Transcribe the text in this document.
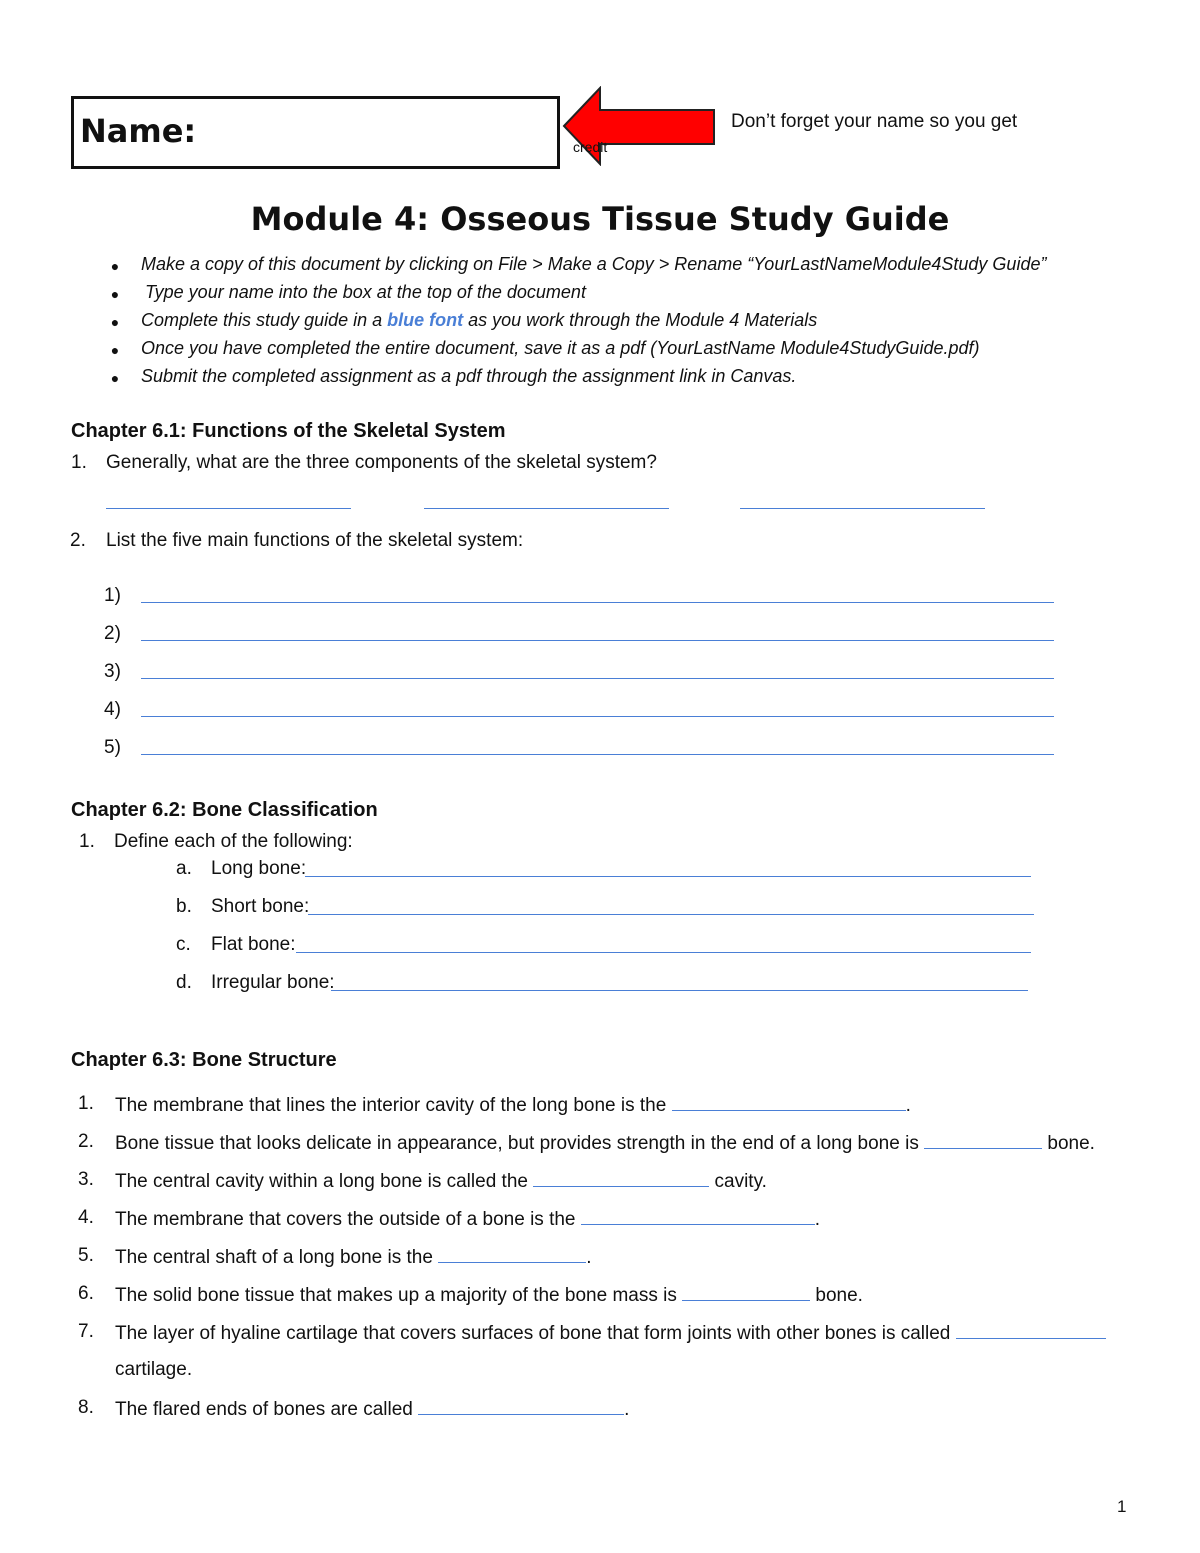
Name:	credit
Don’t forget your name so you get
Module 4: Osseous Tissue Study Guide
●	Make a copy of this document by clicking on File > Make a Copy > Rename “YourLastNameModule4Study Guide”
●	Type your name into the box at the top of the document
●	Complete this study guide in a blue font as you work through the Module 4 Materials
●	Once you have completed the entire document, save it as a pdf (YourLastName Module4StudyGuide.pdf)
●	Submit the completed assignment as a pdf through the assignment link in Canvas.
Chapter 6.1: Functions of the Skeletal System
1. Generally, what are the three components of the skeletal system?
2. List the five main functions of the skeletal system:
1)
2)
3)
4)
5)
Chapter 6.2: Bone Classification
1. Define each of the following:
a. Long bone:
b. Short bone:
c. Flat bone:
d. Irregular bone:
Chapter 6.3: Bone Structure
1. The membrane that lines the interior cavity of the long bone is the	.
2. Bone tissue that looks delicate in appearance, but provides strength in the end of a long bone is	bone.
3. The central cavity within a long bone is called the	cavity.
4. The membrane that covers the outside of a bone is the	.
5. The central shaft of a long bone is the	.
6. The solid bone tissue that makes up a majority of the bone mass is	bone.
7. The layer of hyaline cartilage that covers surfaces of bone that form joints with other bones is called
cartilage.
8. The flared ends of bones are called	.
1
